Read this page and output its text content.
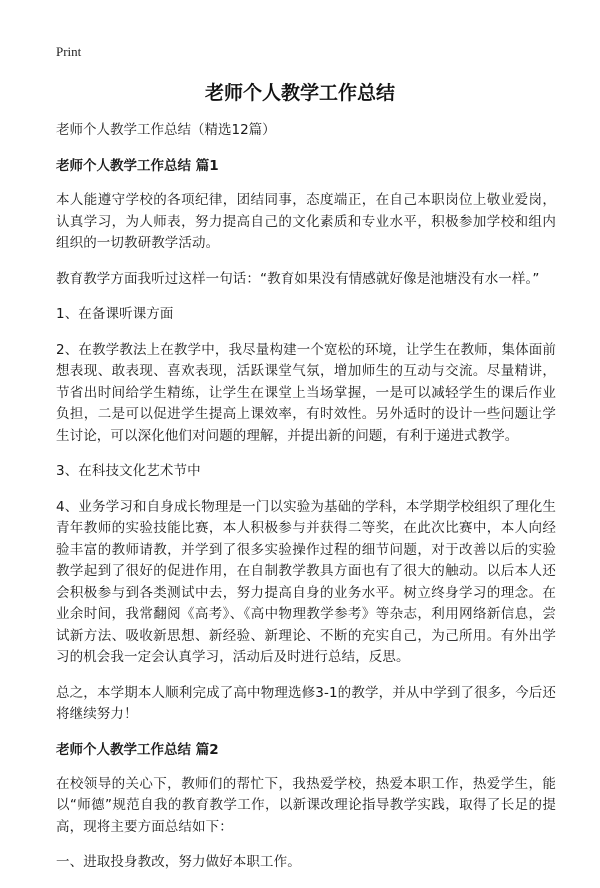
Print
老师个人教学工作总结

老师个人教学工作总结（精选12篇）

老师个人教学工作总结 篇1

本人能遵守学校的各项纪律，团结同事，态度端正，在自己本职岗位上敬业爱岗，认真学习，为人师表，努力提高自己的文化素质和专业水平，积极参加学校和组内组织的一切教研教学活动。

教育教学方面我听过这样一句话：“教育如果没有情感就好像是池塘没有水一样。”

1、在备课听课方面

2、在教学教法上在教学中，我尽量构建一个宽松的环境，让学生在教师，集体面前想表现、敢表现、喜欢表现，活跃课堂气氛，增加师生的互动与交流。尽量精讲，节省出时间给学生精练，让学生在课堂上当场掌握，一是可以减轻学生的课后作业负担，二是可以促进学生提高上课效率，有时效性。另外适时的设计一些问题让学生讨论，可以深化他们对问题的理解，并提出新的问题，有利于递进式教学。

3、在科技文化艺术节中

4、业务学习和自身成长物理是一门以实验为基础的学科，本学期学校组织了理化生青年教师的实验技能比赛，本人积极参与并获得二等奖，在此次比赛中，本人向经验丰富的教师请教，并学到了很多实验操作过程的细节问题，对于改善以后的实验教学起到了很好的促进作用，在自制教学教具方面也有了很大的触动。以后本人还会积极参与到各类测试中去，努力提高自身的业务水平。树立终身学习的理念。在业余时间，我常翻阅《高考》、《高中物理教学参考》等杂志，利用网络新信息，尝试新方法、吸收新思想、新经验、新理论、不断的充实自己，为己所用。有外出学习的机会我一定会认真学习，活动后及时进行总结，反思。

总之，本学期本人顺利完成了高中物理选修3-1的教学，并从中学到了很多，今后还将继续努力！

老师个人教学工作总结 篇2

在校领导的关心下，教师们的帮忙下，我热爱学校，热爱本职工作，热爱学生，能以“师德”规范自我的教育教学工作，以新课改理论指导教学实践，取得了长足的提高，现将主要方面总结如下：

一、进取投身教改，努力做好本职工作。
